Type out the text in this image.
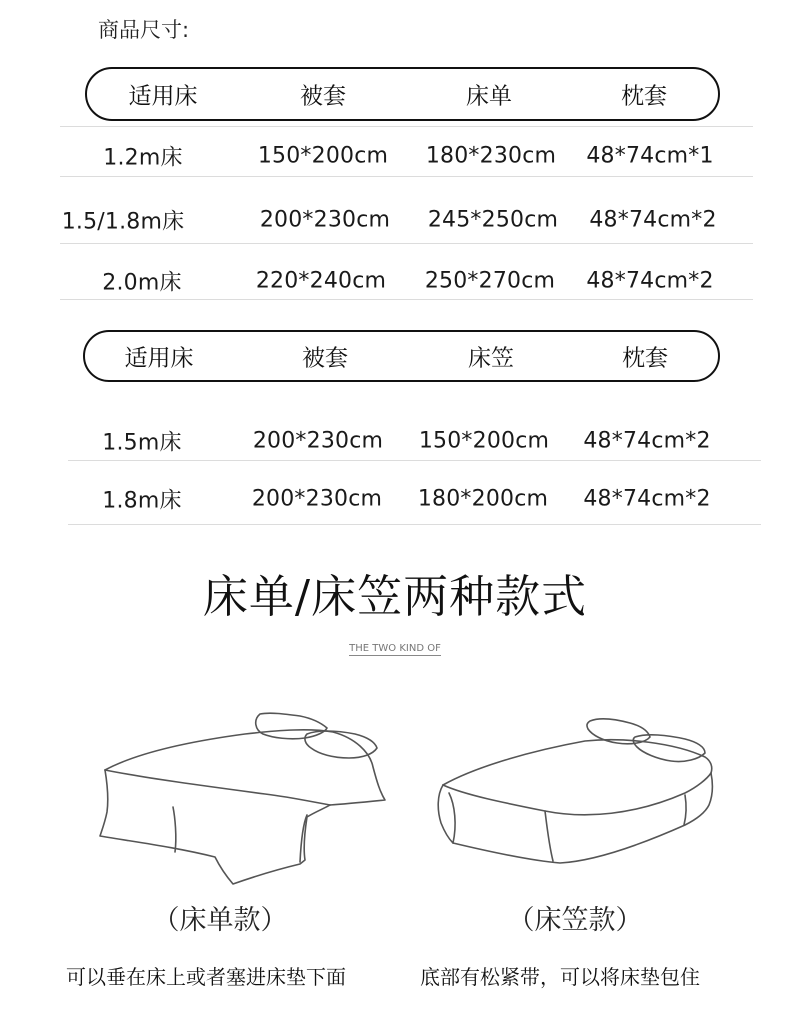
商品尺寸:
适用床	被套	床单	枕套
1.2m床	150*200cm 180*230cm 48*74cm*1
1.5/1.8m床	200*230cm 245*250cm 48*74cm*2
2.0m床	220*240cm 250*270cm 48*74cm*2
适用床	被套	床笠	枕套
1.5m床	200*230cm 150*200cm 48*74cm*2
1.8m床	200*230cm 180*200cm 48*74cm*2
床单/床笠两种款式
THE TWO KIND OF
（床单款）	（床笠款）
可以垂在床上或者塞进床垫下面	底部有松紧带，可以将床垫包住
